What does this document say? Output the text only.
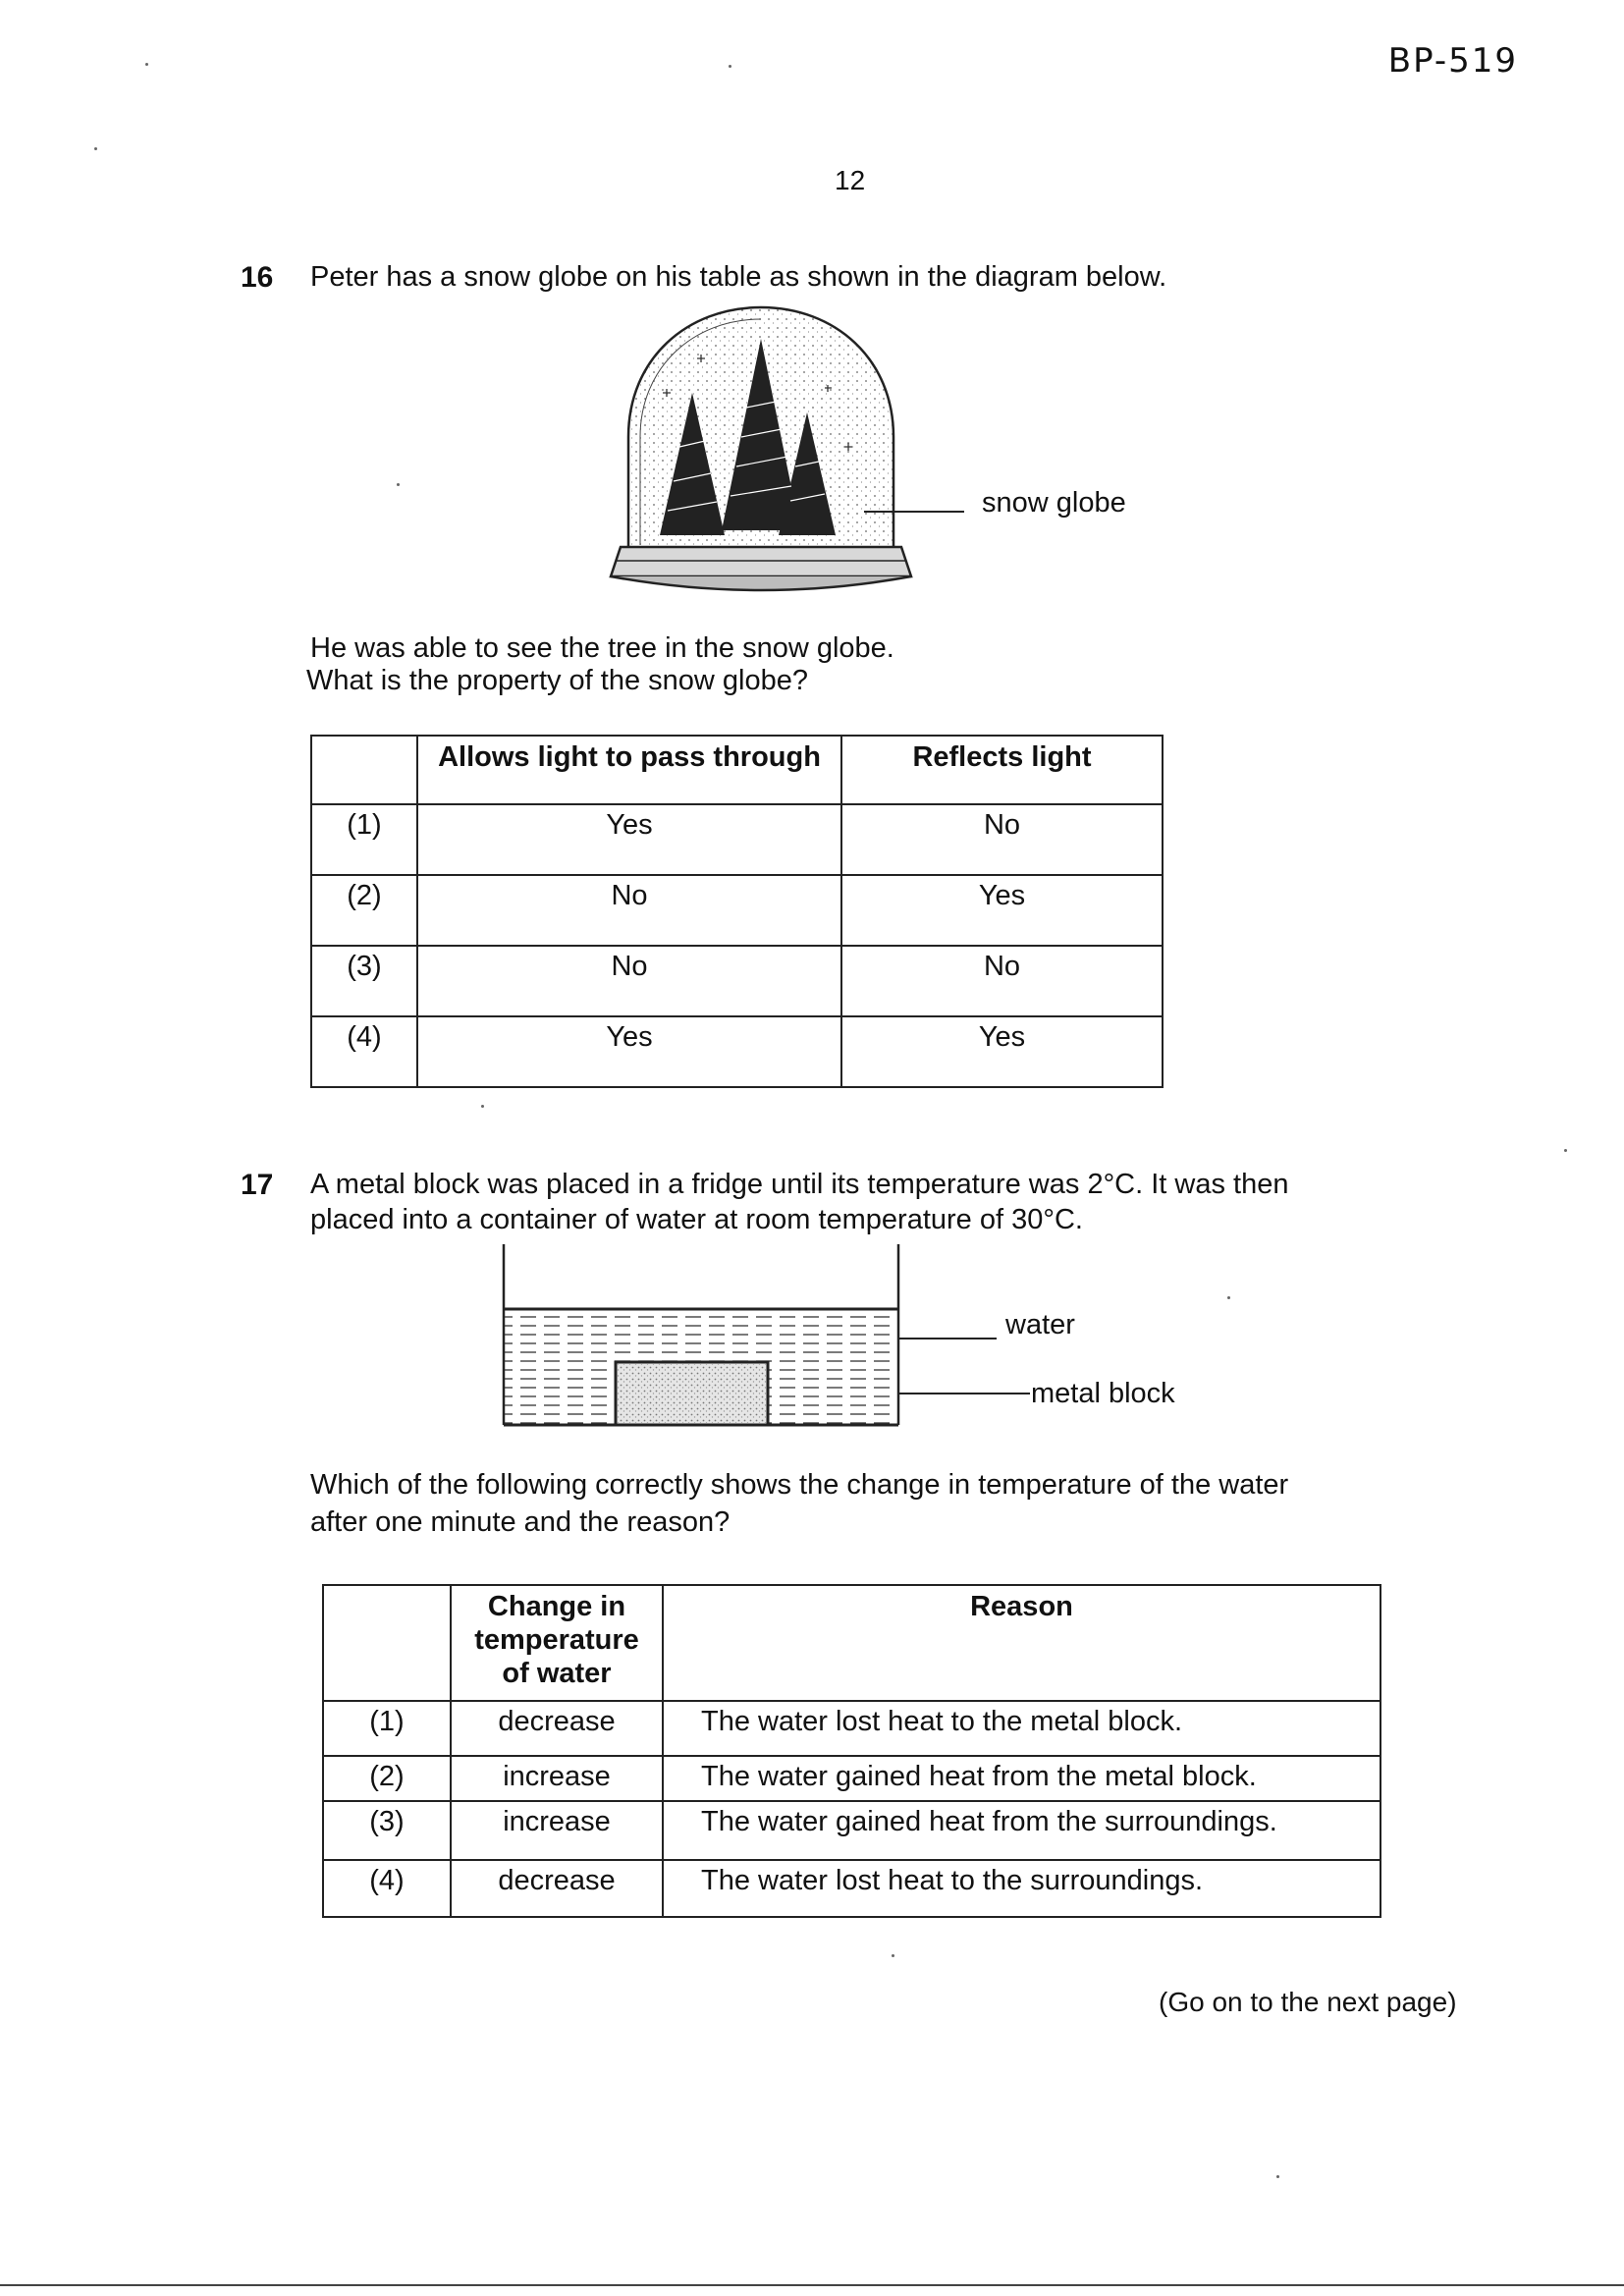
BP-519
12
16 Peter has a snow globe on his table as shown in the diagram below.
snow globe
He was able to see the tree in the snow globe.
What is the property of the snow globe?
	Allows light to pass through	Reflects light
(1)	Yes	No
(2)	No	Yes
(3)	No	No
(4)	Yes	Yes
17 A metal block was placed in a fridge until its temperature was 2°C. It was then
placed into a container of water at room temperature of 30°C.
water
metal block
Which of the following correctly shows the change in temperature of the water
after one minute and the reason?
	Change in temperature of water	Reason
(1)	decrease	The water lost heat to the metal block.
(2)	increase	The water gained heat from the metal block.
(3)	increase	The water gained heat from the surroundings.
(4)	decrease	The water lost heat to the surroundings.
(Go on to the next page)
